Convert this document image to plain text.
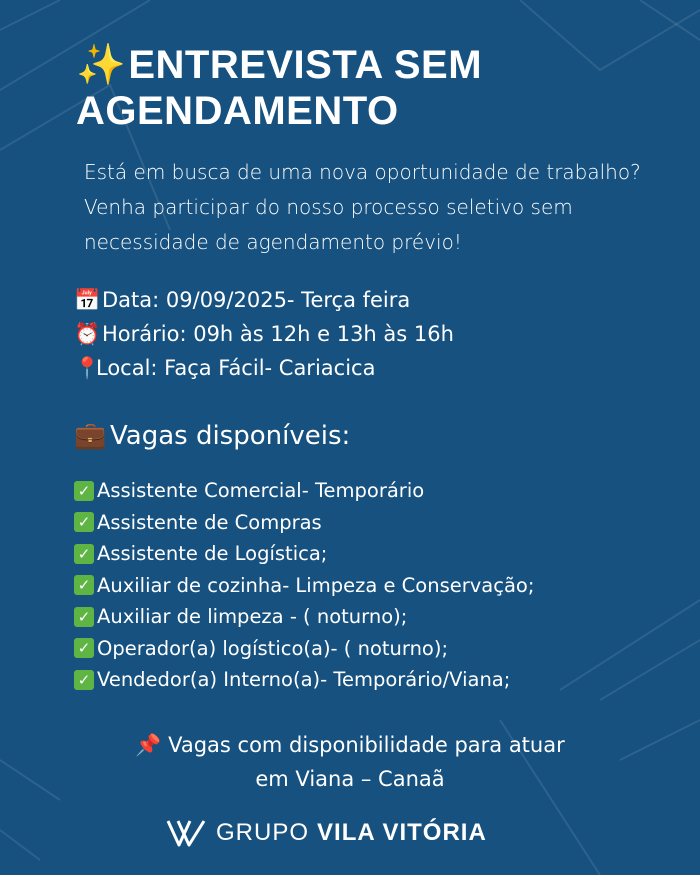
✨ENTREVISTA SEM
AGENDAMENTO

Está em busca de uma nova oportunidade de trabalho? Venha participar do nosso processo seletivo sem necessidade de agendamento prévio!

📅Data: 09/09/2025- Terça feira
⏰Horário: 09h às 12h e 13h às 16h
📍Local: Faça Fácil- Cariacica
💼 Vagas disponíveis:
✓ Assistente Comercial- Temporário
✓ Assistente de Compras
✓ Assistente de Logística;
✓ Auxiliar de cozinha- Limpeza e Conservação;
✓ Auxiliar de limpeza - ( noturno);
✓ Operador(a) logístico(a)- ( noturno);
✓ Vendedor(a) Interno(a)- Temporário/Viana;
📌 Vagas com disponibilidade para atuar
em Viana – Canaã
GRUPO VILA VITÓRIA
